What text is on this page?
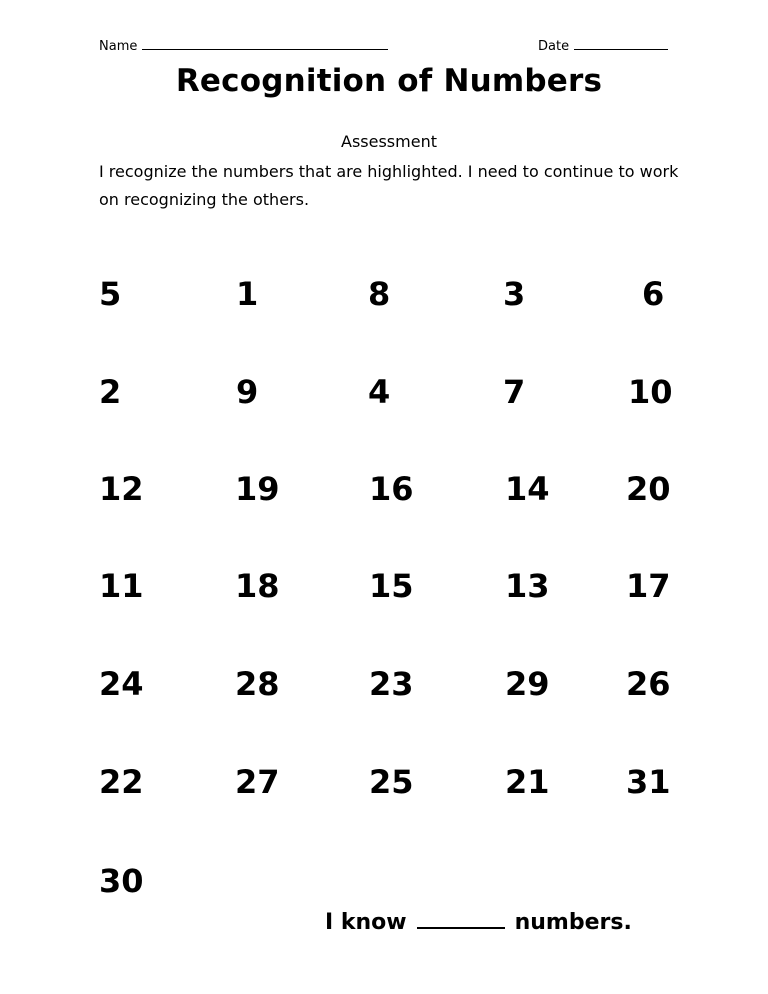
Name	Date
Recognition of Numbers
Assessment
I recognize the numbers that are highlighted. I need to continue to work on recognizing the others.
5	1	8	3	6
2	9	4	7	10
12	19	16	14 20
11	18	15	13 17
24	28	23	29 26
22	27	25	21 31
30
I know	numbers.
